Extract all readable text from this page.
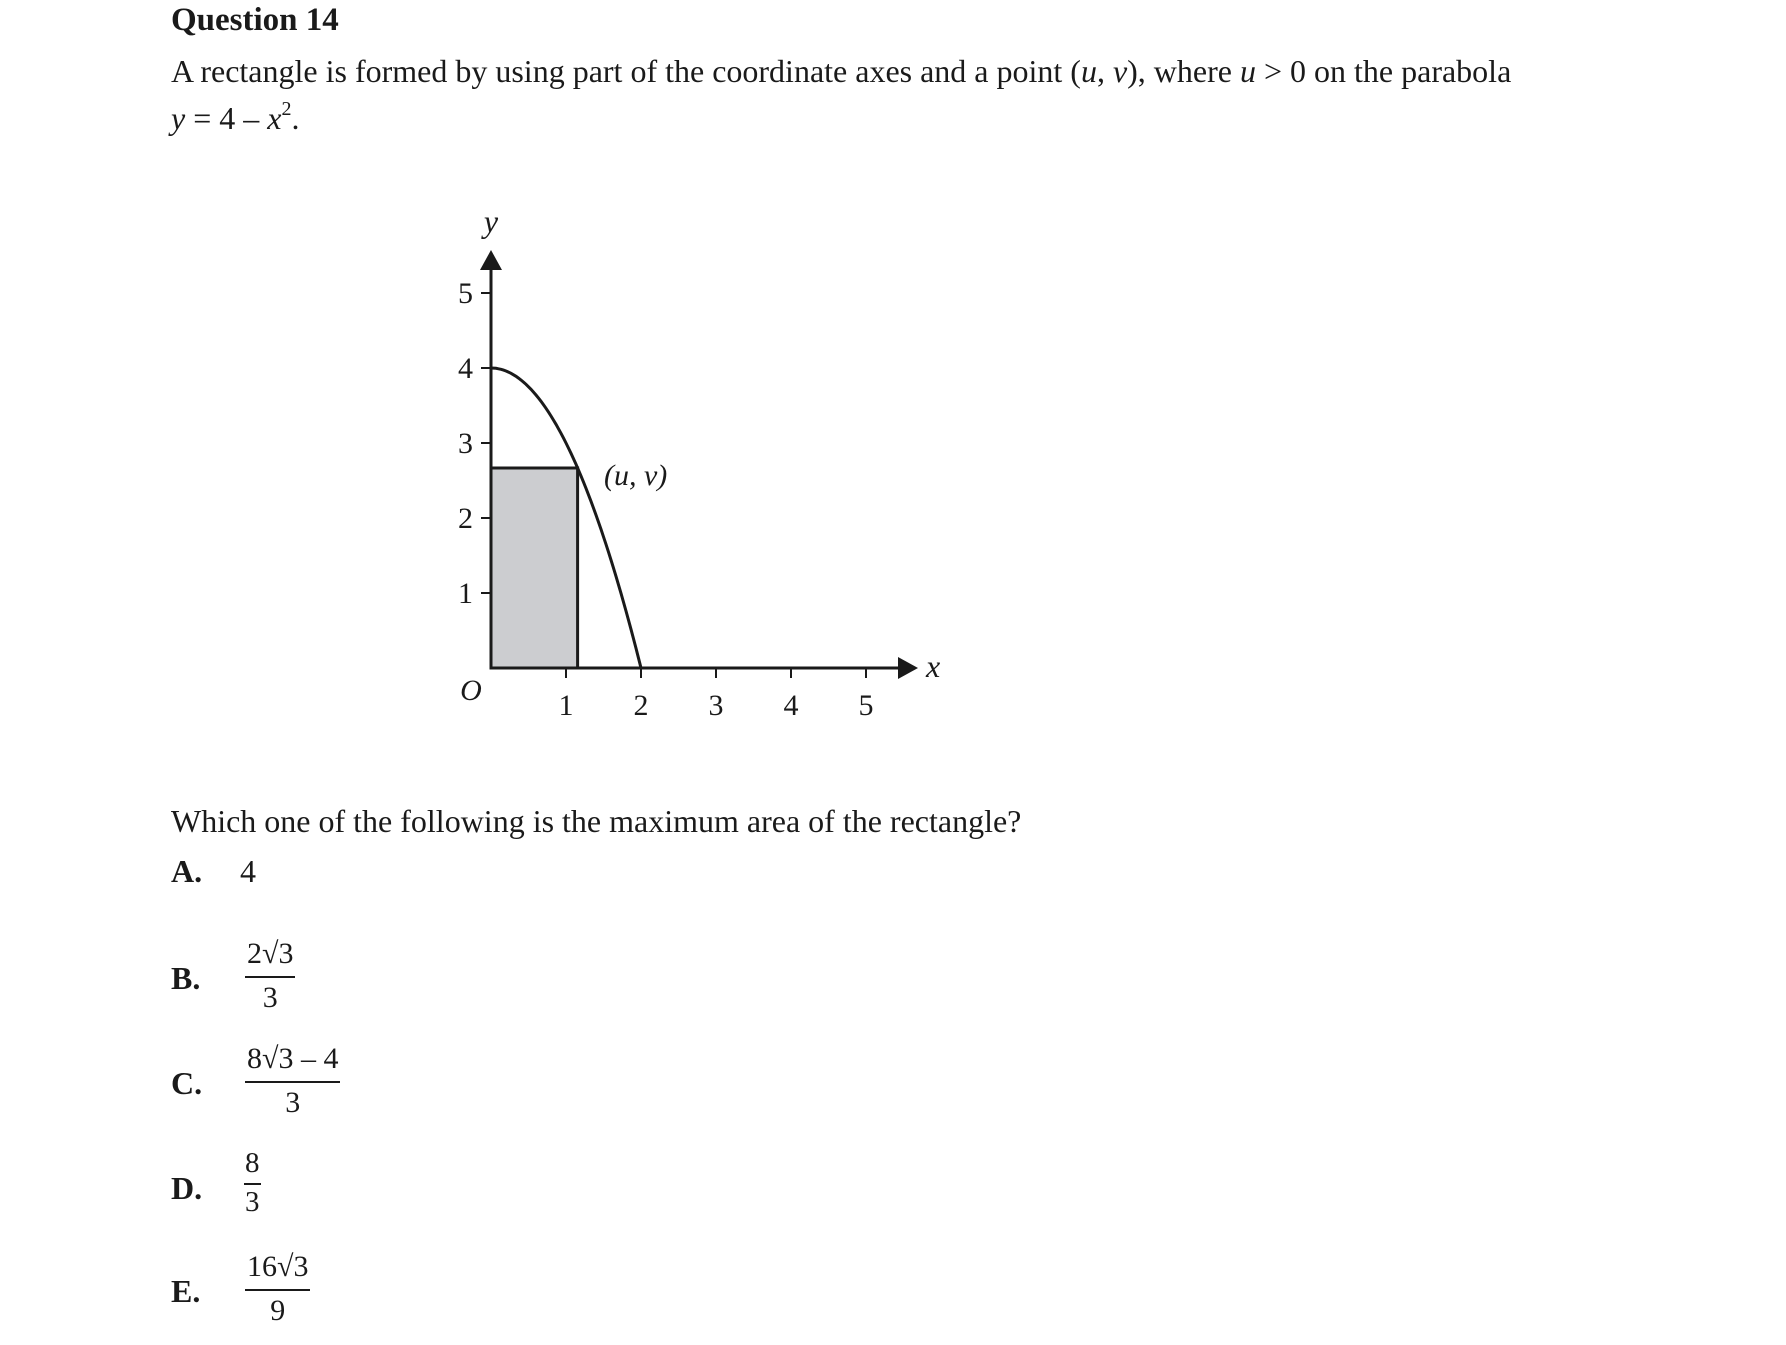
Question 14
A rectangle is formed by using part of the coordinate axes and a point (u, v), where u > 0 on the parabola
$y = 4 - x^2$.
1 2 3 4 5
1
2
3
4
5
x
y
O
(u, v)
Which one of the following is the maximum area of the rectangle?
A. 4
B. $\frac{2√3}{3}$
C. $\frac{8√3 - 4}{3}$
D. $\frac{8}{3}$
E. $\frac{16√3}{9}$
